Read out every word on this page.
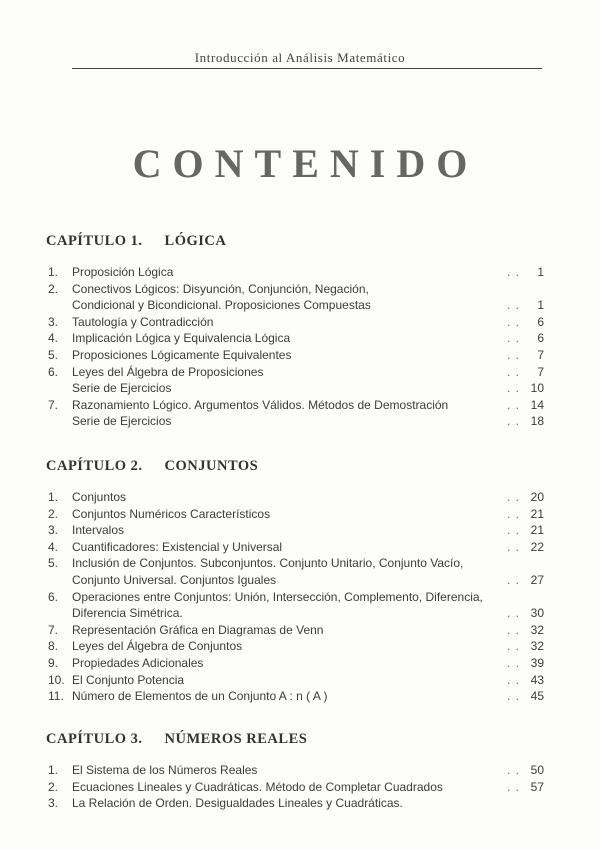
Introducción al Análisis Matemático
CONTENIDO
CAPÍTULO 1. LÓGICA
1. Proposición Lógica	. . 1
2. Conectivos Lógicos: Disyunción, Conjunción, Negación,
Condicional y Bicondicional. Proposiciones Compuestas	. . 1
3. Tautología y Contradicción	. . 6
4. Implicación Lógica y Equivalencia Lógica	. . 6
5. Proposiciones Lógicamente Equivalentes	. . 7
6. Leyes del Álgebra de Proposiciones	. . 7
Serie de Ejercicios	. . 10
7. Razonamiento Lógico. Argumentos Válidos. Métodos de Demostración	. . 14
Serie de Ejercicios	. . 18
CAPÍTULO 2. CONJUNTOS
1. Conjuntos	. . 20
2. Conjuntos Numéricos Característicos	. . 21
3. Intervalos	. . 21
4. Cuantificadores: Existencial y Universal	. . 22
5. Inclusión de Conjuntos. Subconjuntos. Conjunto Unitario, Conjunto Vacío,
Conjunto Universal. Conjuntos Iguales	. . 27
6. Operaciones entre Conjuntos: Unión, Intersección, Complemento, Diferencia,
Diferencia Simétrica.	. . 30
7. Representación Gráfica en Diagramas de Venn	. . 32
8. Leyes del Álgebra de Conjuntos	. . 32
9. Propiedades Adicionales	. . 39
10. El Conjunto Potencia	. . 43
11. Número de Elementos de un Conjunto A : n ( A )	. . 45
CAPÍTULO 3. NÚMEROS REALES
1. El Sistema de los Números Reales	. . 50
2. Ecuaciones Lineales y Cuadráticas. Método de Completar Cuadrados	. . 57
3. La Relación de Orden. Desigualdades Lineales y Cuadráticas.
